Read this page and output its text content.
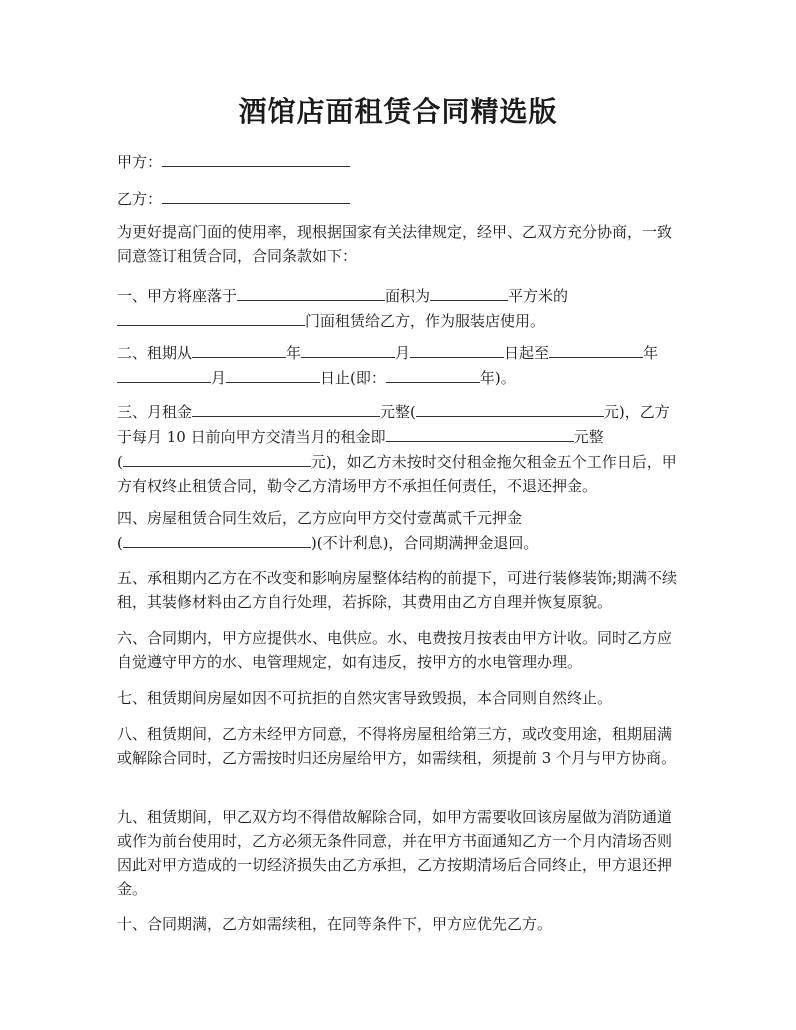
酒馆店面租赁合同精选版

甲方：

乙方：

为更好提高门面的使用率，现根据国家有关法律规定，经甲、乙双方充分协商，一致同意签订租赁合同，合同条款如下：

一、甲方将座落于	面积为	平方米的
门面租赁给乙方，作为服装店使用。

二、租期从	年	月	日起至	年
月	日止(即：	年)。

三、月租金	元整(	元)，乙方于每月 10 日前向甲方交清当月的租金即	元整
(	元)，如乙方未按时交付租金拖欠租金五个工作日后，甲方有权终止租赁合同，勒令乙方清场甲方不承担任何责任，不退还押金。

四、房屋租赁合同生效后，乙方应向甲方交付壹萬贰千元押金
(	)(不计利息)，合同期满押金退回。

五、承租期内乙方在不改变和影响房屋整体结构的前提下，可进行装修装饰;期满不续租，其装修材料由乙方自行处理，若拆除，其费用由乙方自理并恢复原貌。

六、合同期内，甲方应提供水、电供应。水、电费按月按表由甲方计收。同时乙方应自觉遵守甲方的水、电管理规定，如有违反，按甲方的水电管理办理。

七、租赁期间房屋如因不可抗拒的自然灾害导致毁损，本合同则自然终止。

八、租赁期间，乙方未经甲方同意，不得将房屋租给第三方，或改变用途，租期届满或解除合同时，乙方需按时归还房屋给甲方，如需续租，须提前 3 个月与甲方协商。

九、租赁期间，甲乙双方均不得借故解除合同，如甲方需要收回该房屋做为消防通道或作为前台使用时，乙方必须无条件同意，并在甲方书面通知乙方一个月内清场否则因此对甲方造成的一切经济损失由乙方承担，乙方按期清场后合同终止，甲方退还押金。

十、合同期满，乙方如需续租，在同等条件下，甲方应优先乙方。
